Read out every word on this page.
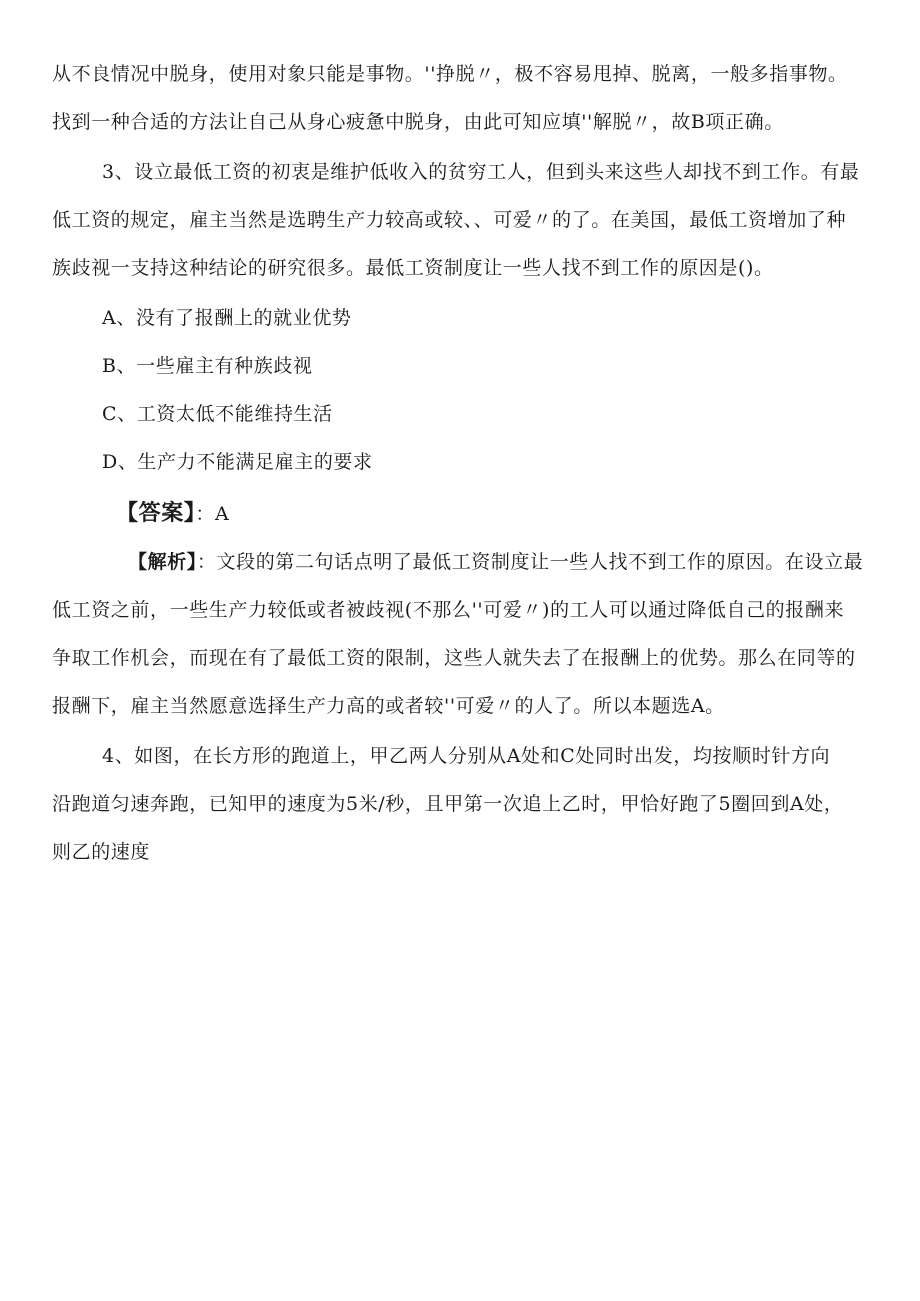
从不良情况中脱身，使用对象只能是事物。''挣脱〃，极不容易甩掉、脱离，一般多指事物。
找到一种合适的方法让自己从身心疲惫中脱身，由此可知应填''解脱〃，故B项正确。
3、设立最低工资的初衷是维护低收入的贫穷工人，但到头来这些人却找不到工作。有最
低工资的规定，雇主当然是选聘生产力较高或较、、可爱〃的了。在美国，最低工资增加了种
族歧视一支持这种结论的研究很多。最低工资制度让一些人找不到工作的原因是()。
A、没有了报酬上的就业优势
B、一些雇主有种族歧视
C、工资太低不能维持生活
D、生产力不能满足雇主的要求
【答案】：A
【解析】：文段的第二句话点明了最低工资制度让一些人找不到工作的原因。在设立最
低工资之前，一些生产力较低或者被歧视(不那么''可爱〃)的工人可以通过降低自己的报酬来
争取工作机会，而现在有了最低工资的限制，这些人就失去了在报酬上的优势。那么在同等的
报酬下，雇主当然愿意选择生产力高的或者较''可爱〃的人了。所以本题选A。
4、如图，在长方形的跑道上，甲乙两人分别从A处和C处同时出发，均按顺时针方向
沿跑道匀速奔跑，已知甲的速度为5米/秒，且甲第一次追上乙时，甲恰好跑了5圈回到A处，
则乙的速度
